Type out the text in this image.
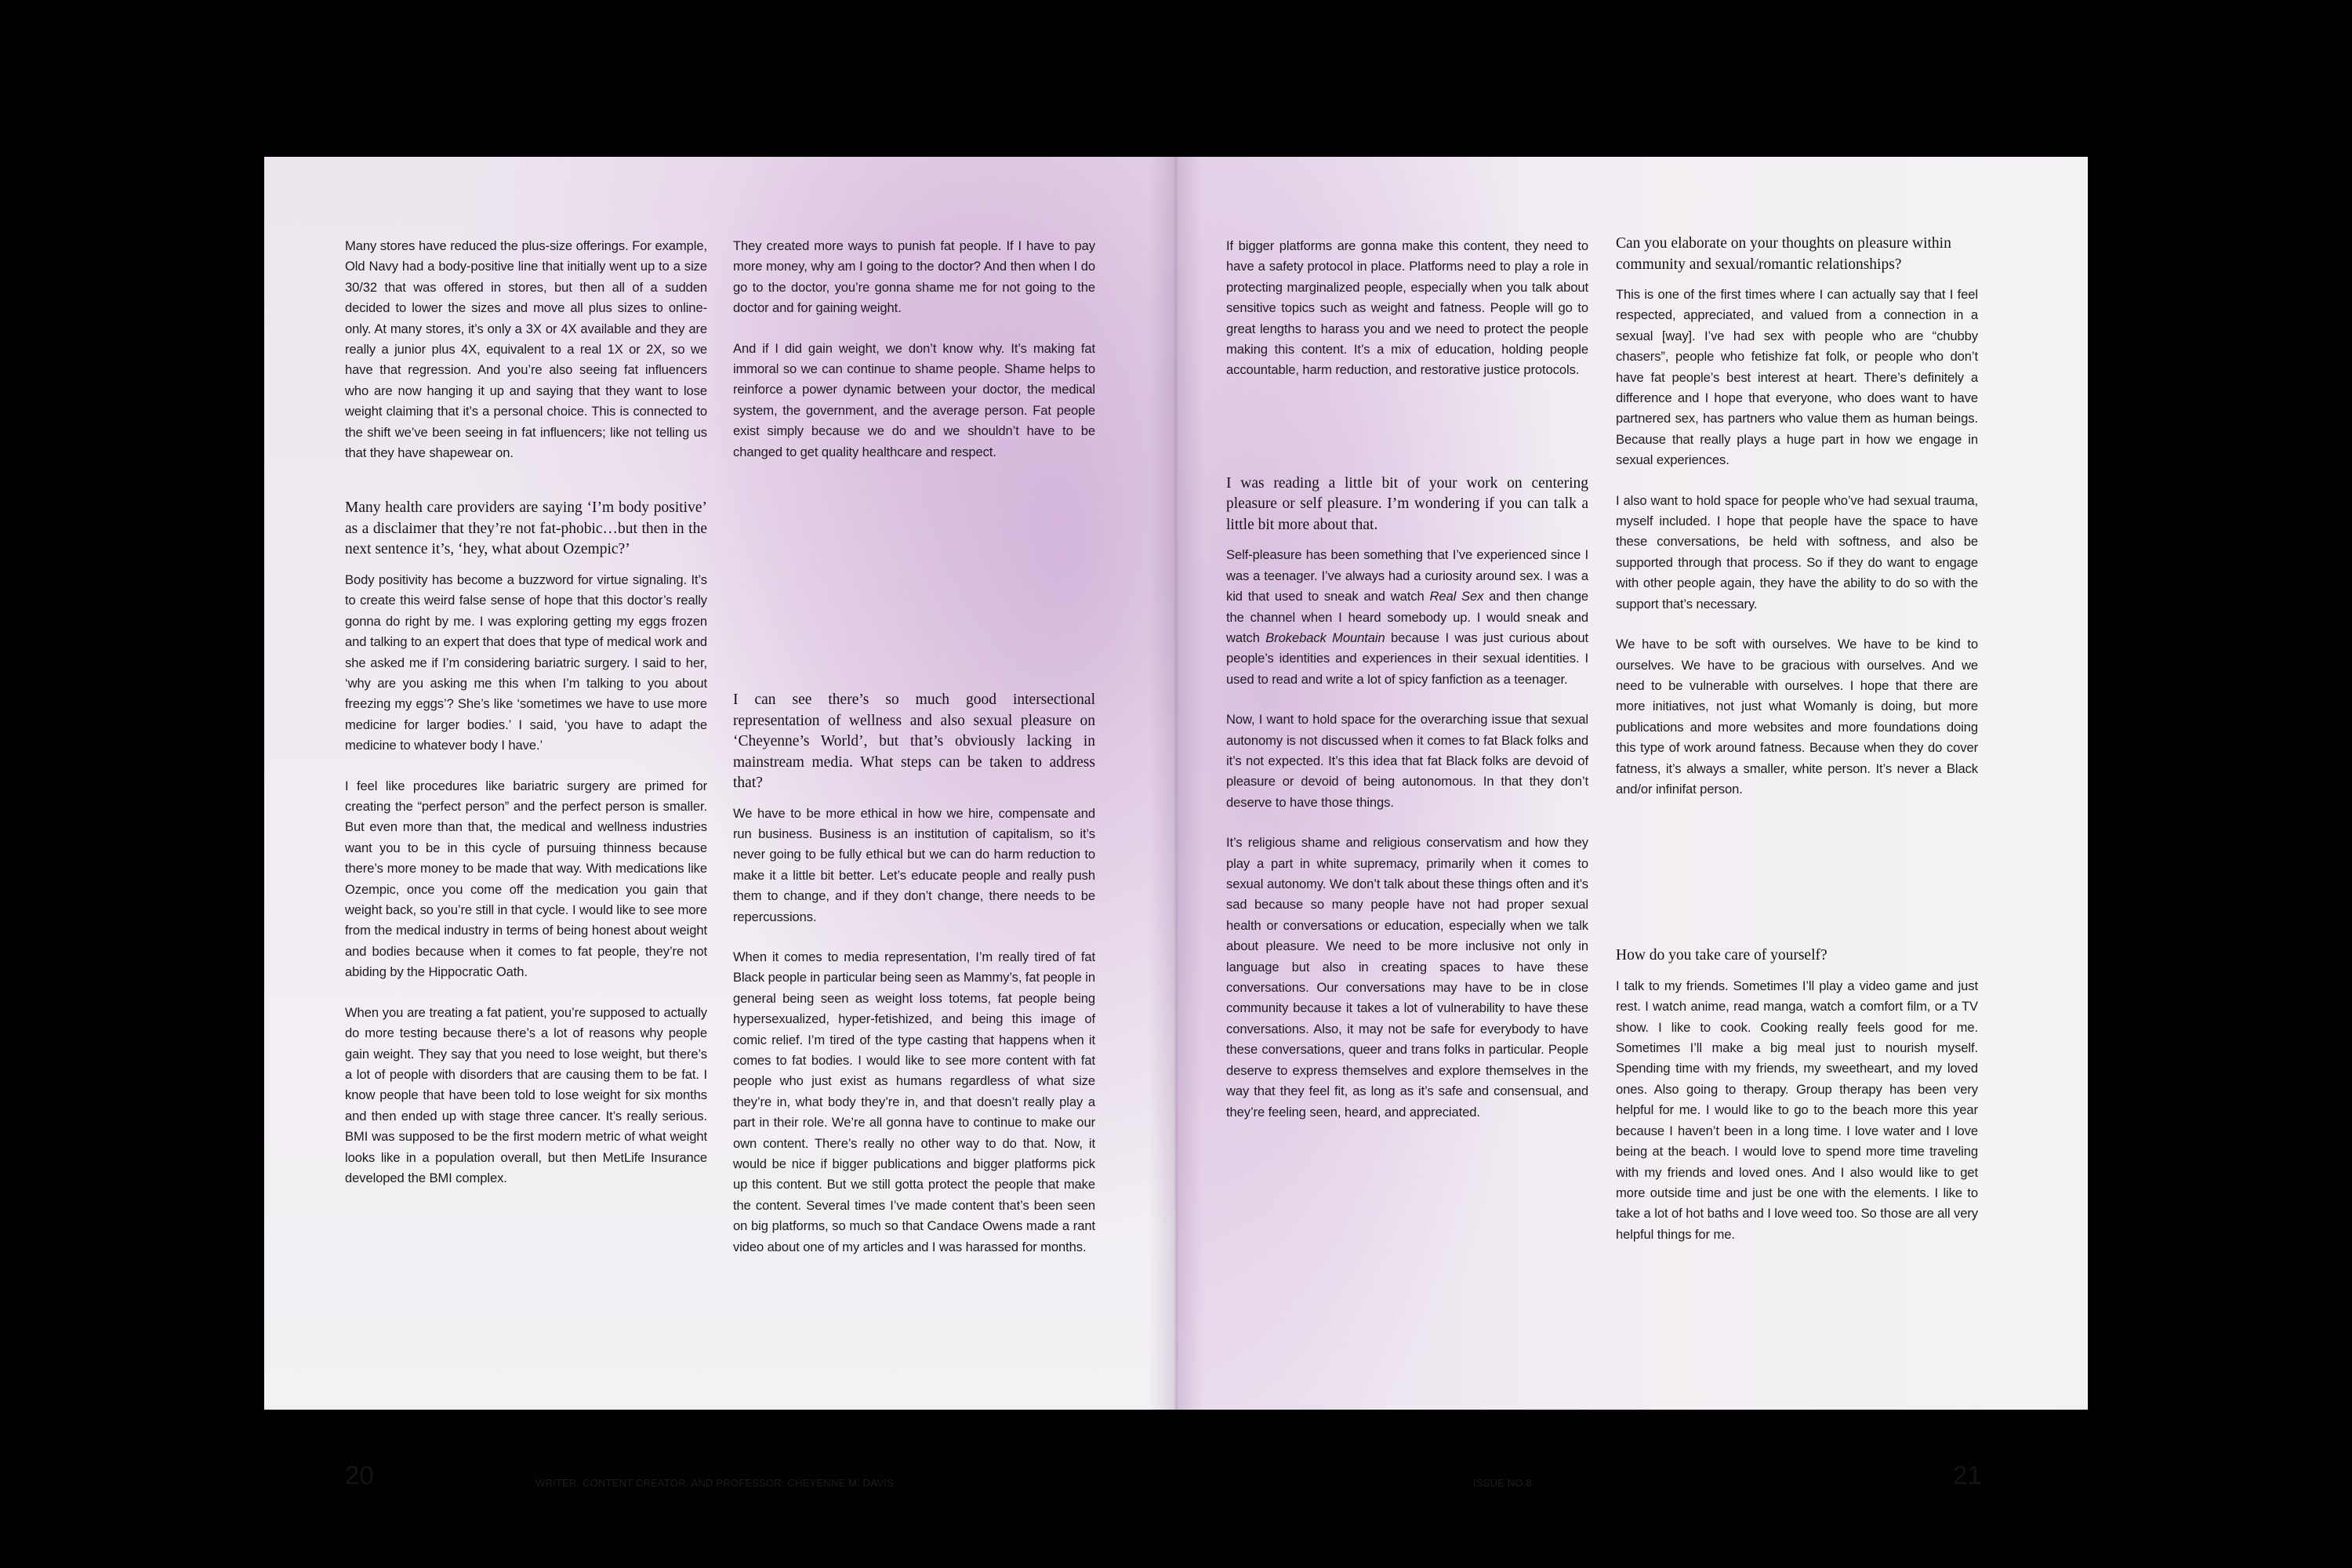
Many stores have reduced the plus-size offerings. For example, Old Navy had a body-positive line that initially went up to a size 30/32 that was offered in stores, but then all of a sudden decided to lower the sizes and move all plus sizes to online-only. At many stores, it’s only a 3X or 4X available and they are really a junior plus 4X, equivalent to a real 1X or 2X, so we have that regression. And you’re also seeing fat influencers who are now hanging it up and saying that they want to lose weight claiming that it’s a personal choice. This is connected to the shift we’ve been seeing in fat influencers; like not telling us that they have shapewear on.

Many health care providers are saying ‘I’m body positive’ as a disclaimer that they’re not fat-phobic…but then in the next sentence it’s, ‘hey, what about Ozempic?’

Body positivity has become a buzzword for virtue signaling. It’s to create this weird false sense of hope that this doctor’s really gonna do right by me. I was exploring getting my eggs frozen and talking to an expert that does that type of medical work and she asked me if I’m considering bariatric surgery. I said to her, ‘why are you asking me this when I’m talking to you about freezing my eggs’? She’s like ‘sometimes we have to use more medicine for larger bodies.’ I said, ‘you have to adapt the medicine to whatever body I have.’

I feel like procedures like bariatric surgery are primed for creating the “perfect person” and the perfect person is smaller. But even more than that, the medical and wellness industries want you to be in this cycle of pursuing thinness because there’s more money to be made that way. With medications like Ozempic, once you come off the medication you gain that weight back, so you’re still in that cycle. I would like to see more from the medical industry in terms of being honest about weight and bodies because when it comes to fat people, they’re not abiding by the Hippocratic Oath.

When you are treating a fat patient, you’re supposed to actually do more testing because there’s a lot of reasons why people gain weight. They say that you need to lose weight, but there’s a lot of people with disorders that are causing them to be fat. I know people that have been told to lose weight for six months and then ended up with stage three cancer. It’s really serious. BMI was supposed to be the first modern metric of what weight looks like in a population overall, but then MetLife Insurance developed the BMI complex.

They created more ways to punish fat people. If I have to pay more money, why am I going to the doctor? And then when I do go to the doctor, you’re gonna shame me for not going to the doctor and for gaining weight.

And if I did gain weight, we don’t know why. It’s making fat immoral so we can continue to shame people. Shame helps to reinforce a power dynamic between your doctor, the medical system, the government, and the average person. Fat people exist simply because we do and we shouldn’t have to be changed to get quality healthcare and respect.

I can see there’s so much good intersectional representation of wellness and also sexual pleasure on ‘Cheyenne’s World’, but that’s obviously lacking in mainstream media. What steps can be taken to address that?

We have to be more ethical in how we hire, compensate and run business. Business is an institution of capitalism, so it’s never going to be fully ethical but we can do harm reduction to make it a little bit better. Let’s educate people and really push them to change, and if they don’t change, there needs to be repercussions.

When it comes to media representation, I’m really tired of fat Black people in particular being seen as Mammy’s, fat people in general being seen as weight loss totems, fat people being hypersexualized, hyper-fetishized, and being this image of comic relief. I’m tired of the type casting that happens when it comes to fat bodies. I would like to see more content with fat people who just exist as humans regardless of what size they’re in, what body they’re in, and that doesn’t really play a part in their role. We’re all gonna have to continue to make our own content. There’s really no other way to do that. Now, it would be nice if bigger publications and bigger platforms pick up this content. But we still gotta protect the people that make the content. Several times I’ve made content that’s been seen on big platforms, so much so that Candace Owens made a rant video about one of my articles and I was harassed for months.

20	WRITER, CONTENT CREATOR, AND PROFESSOR, CHEYENNE M. DAVIS

If bigger platforms are gonna make this content, they need to have a safety protocol in place. Platforms need to play a role in protecting marginalized people, especially when you talk about sensitive topics such as weight and fatness. People will go to great lengths to harass you and we need to protect the people making this content. It’s a mix of education, holding people accountable, harm reduction, and restorative justice protocols.

I was reading a little bit of your work on centering pleasure or self pleasure. I’m wondering if you can talk a little bit more about that.

Self-pleasure has been something that I’ve experienced since I was a teenager. I’ve always had a curiosity around sex. I was a kid that used to sneak and watch Real Sex and then change the channel when I heard somebody up. I would sneak and watch Brokeback Mountain because I was just curious about people’s identities and experiences in their sexual identities. I used to read and write a lot of spicy fanfiction as a teenager.

Now, I want to hold space for the overarching issue that sexual autonomy is not discussed when it comes to fat Black folks and it’s not expected. It’s this idea that fat Black folks are devoid of pleasure or devoid of being autonomous. In that they don’t deserve to have those things.

It’s religious shame and religious conservatism and how they play a part in white supremacy, primarily when it comes to sexual autonomy. We don’t talk about these things often and it’s sad because so many people have not had proper sexual health or conversations or education, especially when we talk about pleasure. We need to be more inclusive not only in language but also in creating spaces to have these conversations. Our conversations may have to be in close community because it takes a lot of vulnerability to have these conversations. Also, it may not be safe for everybody to have these conversations, queer and trans folks in particular. People deserve to express themselves and explore themselves in the way that they feel fit, as long as it’s safe and consensual, and they’re feeling seen, heard, and appreciated.

Can you elaborate on your thoughts on pleasure within community and sexual/romantic relationships?

This is one of the first times where I can actually say that I feel respected, appreciated, and valued from a connection in a sexual [way]. I’ve had sex with people who are “chubby chasers”, people who fetishize fat folk, or people who don’t have fat people’s best interest at heart. There’s definitely a difference and I hope that everyone, who does want to have partnered sex, has partners who value them as human beings. Because that really plays a huge part in how we engage in sexual experiences.

I also want to hold space for people who’ve had sexual trauma, myself included. I hope that people have the space to have these conversations, be held with softness, and also be supported through that process. So if they do want to engage with other people again, they have the ability to do so with the support that’s necessary.

We have to be soft with ourselves. We have to be kind to ourselves. We have to be gracious with ourselves. And we need to be vulnerable with ourselves. I hope that there are more initiatives, not just what Womanly is doing, but more publications and more websites and more foundations doing this type of work around fatness. Because when they do cover fatness, it’s always a smaller, white person. It’s never a Black and/or infinifat person.

How do you take care of yourself?

I talk to my friends. Sometimes I’ll play a video game and just rest. I watch anime, read manga, watch a comfort film, or a TV show. I like to cook. Cooking really feels good for me. Sometimes I’ll make a big meal just to nourish myself. Spending time with my friends, my sweetheart, and my loved ones. Also going to therapy. Group therapy has been very helpful for me. I would like to go to the beach more this year because I haven’t been in a long time. I love water and I love being at the beach. I would love to spend more time traveling with my friends and loved ones. And I also would like to get more outside time and just be one with the elements. I like to take a lot of hot baths and I love weed too. So those are all very helpful things for me.

ISSUE NO.8	21
